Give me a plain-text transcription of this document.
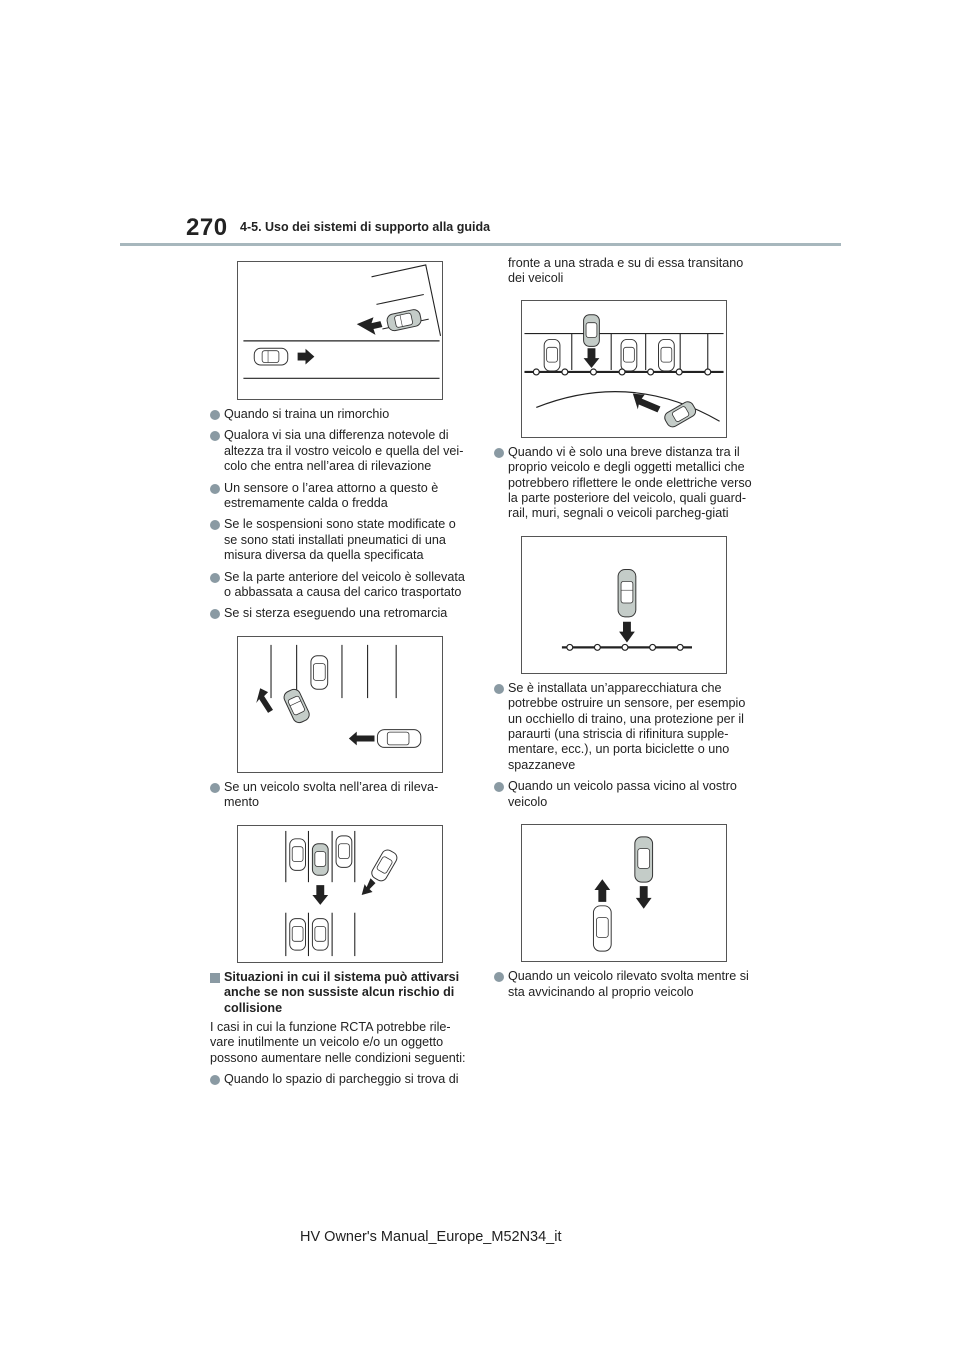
270 4-5. Uso dei sistemi di supporto alla guida
Quando si traina un rimorchio
Qualora vi sia una differenza notevole di altezza tra il vostro veicolo e quella del vei-colo che entra nell’area di rilevazione
Un sensore o l’area attorno a questo è estremamente calda o fredda
Se le sospensioni sono state modificate o se sono stati installati pneumatici di una misura diversa da quella specificata
Se la parte anteriore del veicolo è sollevata o abbassata a causa del carico trasportato
Se si sterza eseguendo una retromarcia
Se un veicolo svolta nell’area di rileva-mento
Situazioni in cui il sistema può attivarsi anche se non sussiste alcun rischio di collisione

I casi in cui la funzione RCTA potrebbe rile-vare inutilmente un veicolo e/o un oggetto possono aumentare nelle condizioni seguenti:

Quando lo spazio di parcheggio si trova di

fronte a una strada e su di essa transitano dei veicoli

Quando vi è solo una breve distanza tra il proprio veicolo e degli oggetti metallici che potrebbero riflettere le onde elettriche verso la parte posteriore del veicolo, quali guard-rail, muri, segnali o veicoli parcheg-giati
Se è installata un’apparecchiatura che potrebbe ostruire un sensore, per esempio un occhiello di traino, una protezione per il paraurti (una striscia di rifinitura supple-mentare, ecc.), un porta biciclette o uno spazzaneve
Quando un veicolo passa vicino al vostro veicolo
Quando un veicolo rilevato svolta mentre si sta avvicinando al proprio veicolo
HV Owner's Manual_Europe_M52N34_it
